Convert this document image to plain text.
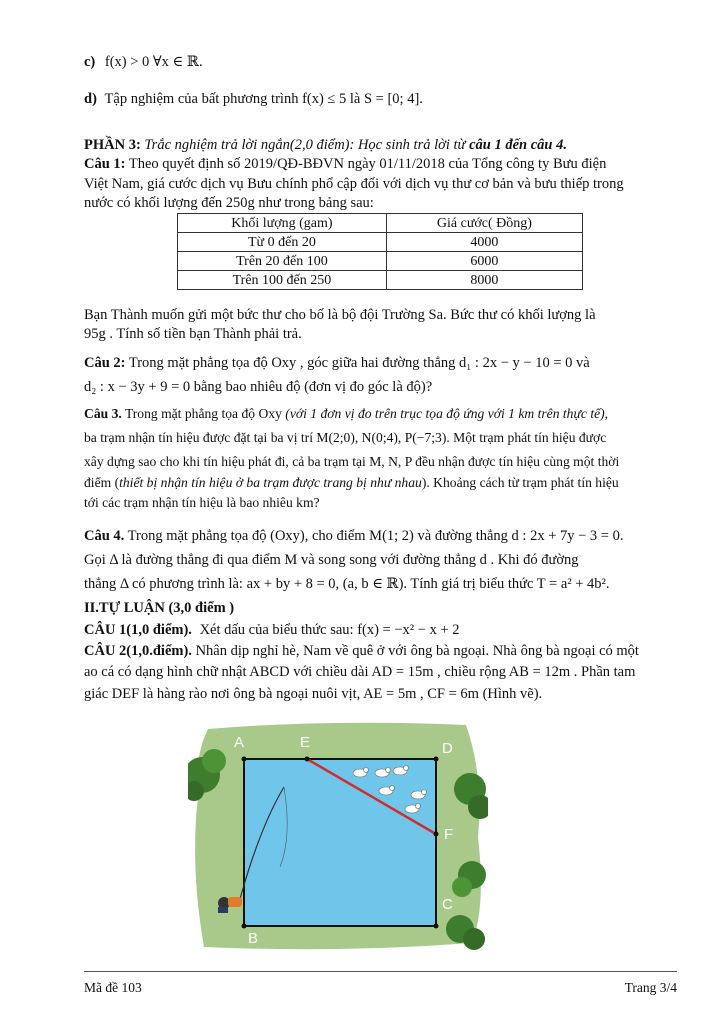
c) f(x) > 0 ∀x ∈ ℝ.
d) Tập nghiệm của bất phương trình f(x) ≤ 5 là S = [0; 4].
PHẦN 3: Trắc nghiệm trả lời ngắn(2,0 điểm): Học sinh trả lời từ câu 1 đến câu 4.
Câu 1: Theo quyết định số 2019/QĐ-BĐVN ngày 01/11/2018 của Tổng công ty Bưu điện
Việt Nam, giá cước dịch vụ Bưu chính phổ cập đối với dịch vụ thư cơ bản và bưu thiếp trong
nước có khối lượng đến 250g như trong bảng sau:
Khối lượng (gam)	Giá cước( Đồng)
Từ 0 đến 20	4000
Trên 20 đến 100	6000
Trên 100 đến 250	8000
Bạn Thành muốn gửi một bức thư cho bố là bộ đội Trường Sa. Bức thư có khối lượng là
95g . Tính số tiền bạn Thành phải trả.
Câu 2: Trong mặt phẳng tọa độ Oxy , góc giữa hai đường thẳng d₁ : 2x − y − 10 = 0 và
d₂ : x − 3y + 9 = 0 bằng bao nhiêu độ (đơn vị đo góc là độ)?
Câu 3. Trong mặt phẳng tọa độ Oxy (với 1 đơn vị đo trên trục tọa độ ứng với 1 km trên thực tế),
ba trạm nhận tín hiệu được đặt tại ba vị trí M(2;0), N(0;4), P(−7;3). Một trạm phát tín hiệu được
xây dựng sao cho khi tín hiệu phát đi, cả ba trạm tại M, N, P đều nhận được tín hiệu cùng một thời
điểm (thiết bị nhận tín hiệu ở ba trạm được trang bị như nhau). Khoảng cách từ trạm phát tín hiệu
tới các trạm nhận tín hiệu là bao nhiêu km?
Câu 4. Trong mặt phẳng tọa độ (Oxy), cho điểm M(1; 2) và đường thẳng d : 2x + 7y − 3 = 0.
Gọi Δ là đường thẳng đi qua điểm M và song song với đường thẳng d . Khi đó đường
thẳng Δ có phương trình là: ax + by + 8 = 0, (a, b ∈ ℝ). Tính giá trị biểu thức T = a² + 4b².
II.TỰ LUẬN (3,0 điểm )
CÂU 1(1,0 điểm). Xét dấu của biểu thức sau: f(x) = −x² − x + 2
CÂU 2(1,0.điểm). Nhân dịp nghỉ hè, Nam về quê ở với ông bà ngoại. Nhà ông bà ngoại có một
ao cá có dạng hình chữ nhật ABCD với chiều dài AD = 15m , chiều rộng AB = 12m . Phần tam
giác DEF là hàng rào nơi ông bà ngoại nuôi vịt, AE = 5m , CF = 6m (Hình vẽ).
A	E	D
F
C
B
Mã đề 103	Trang 3/4
